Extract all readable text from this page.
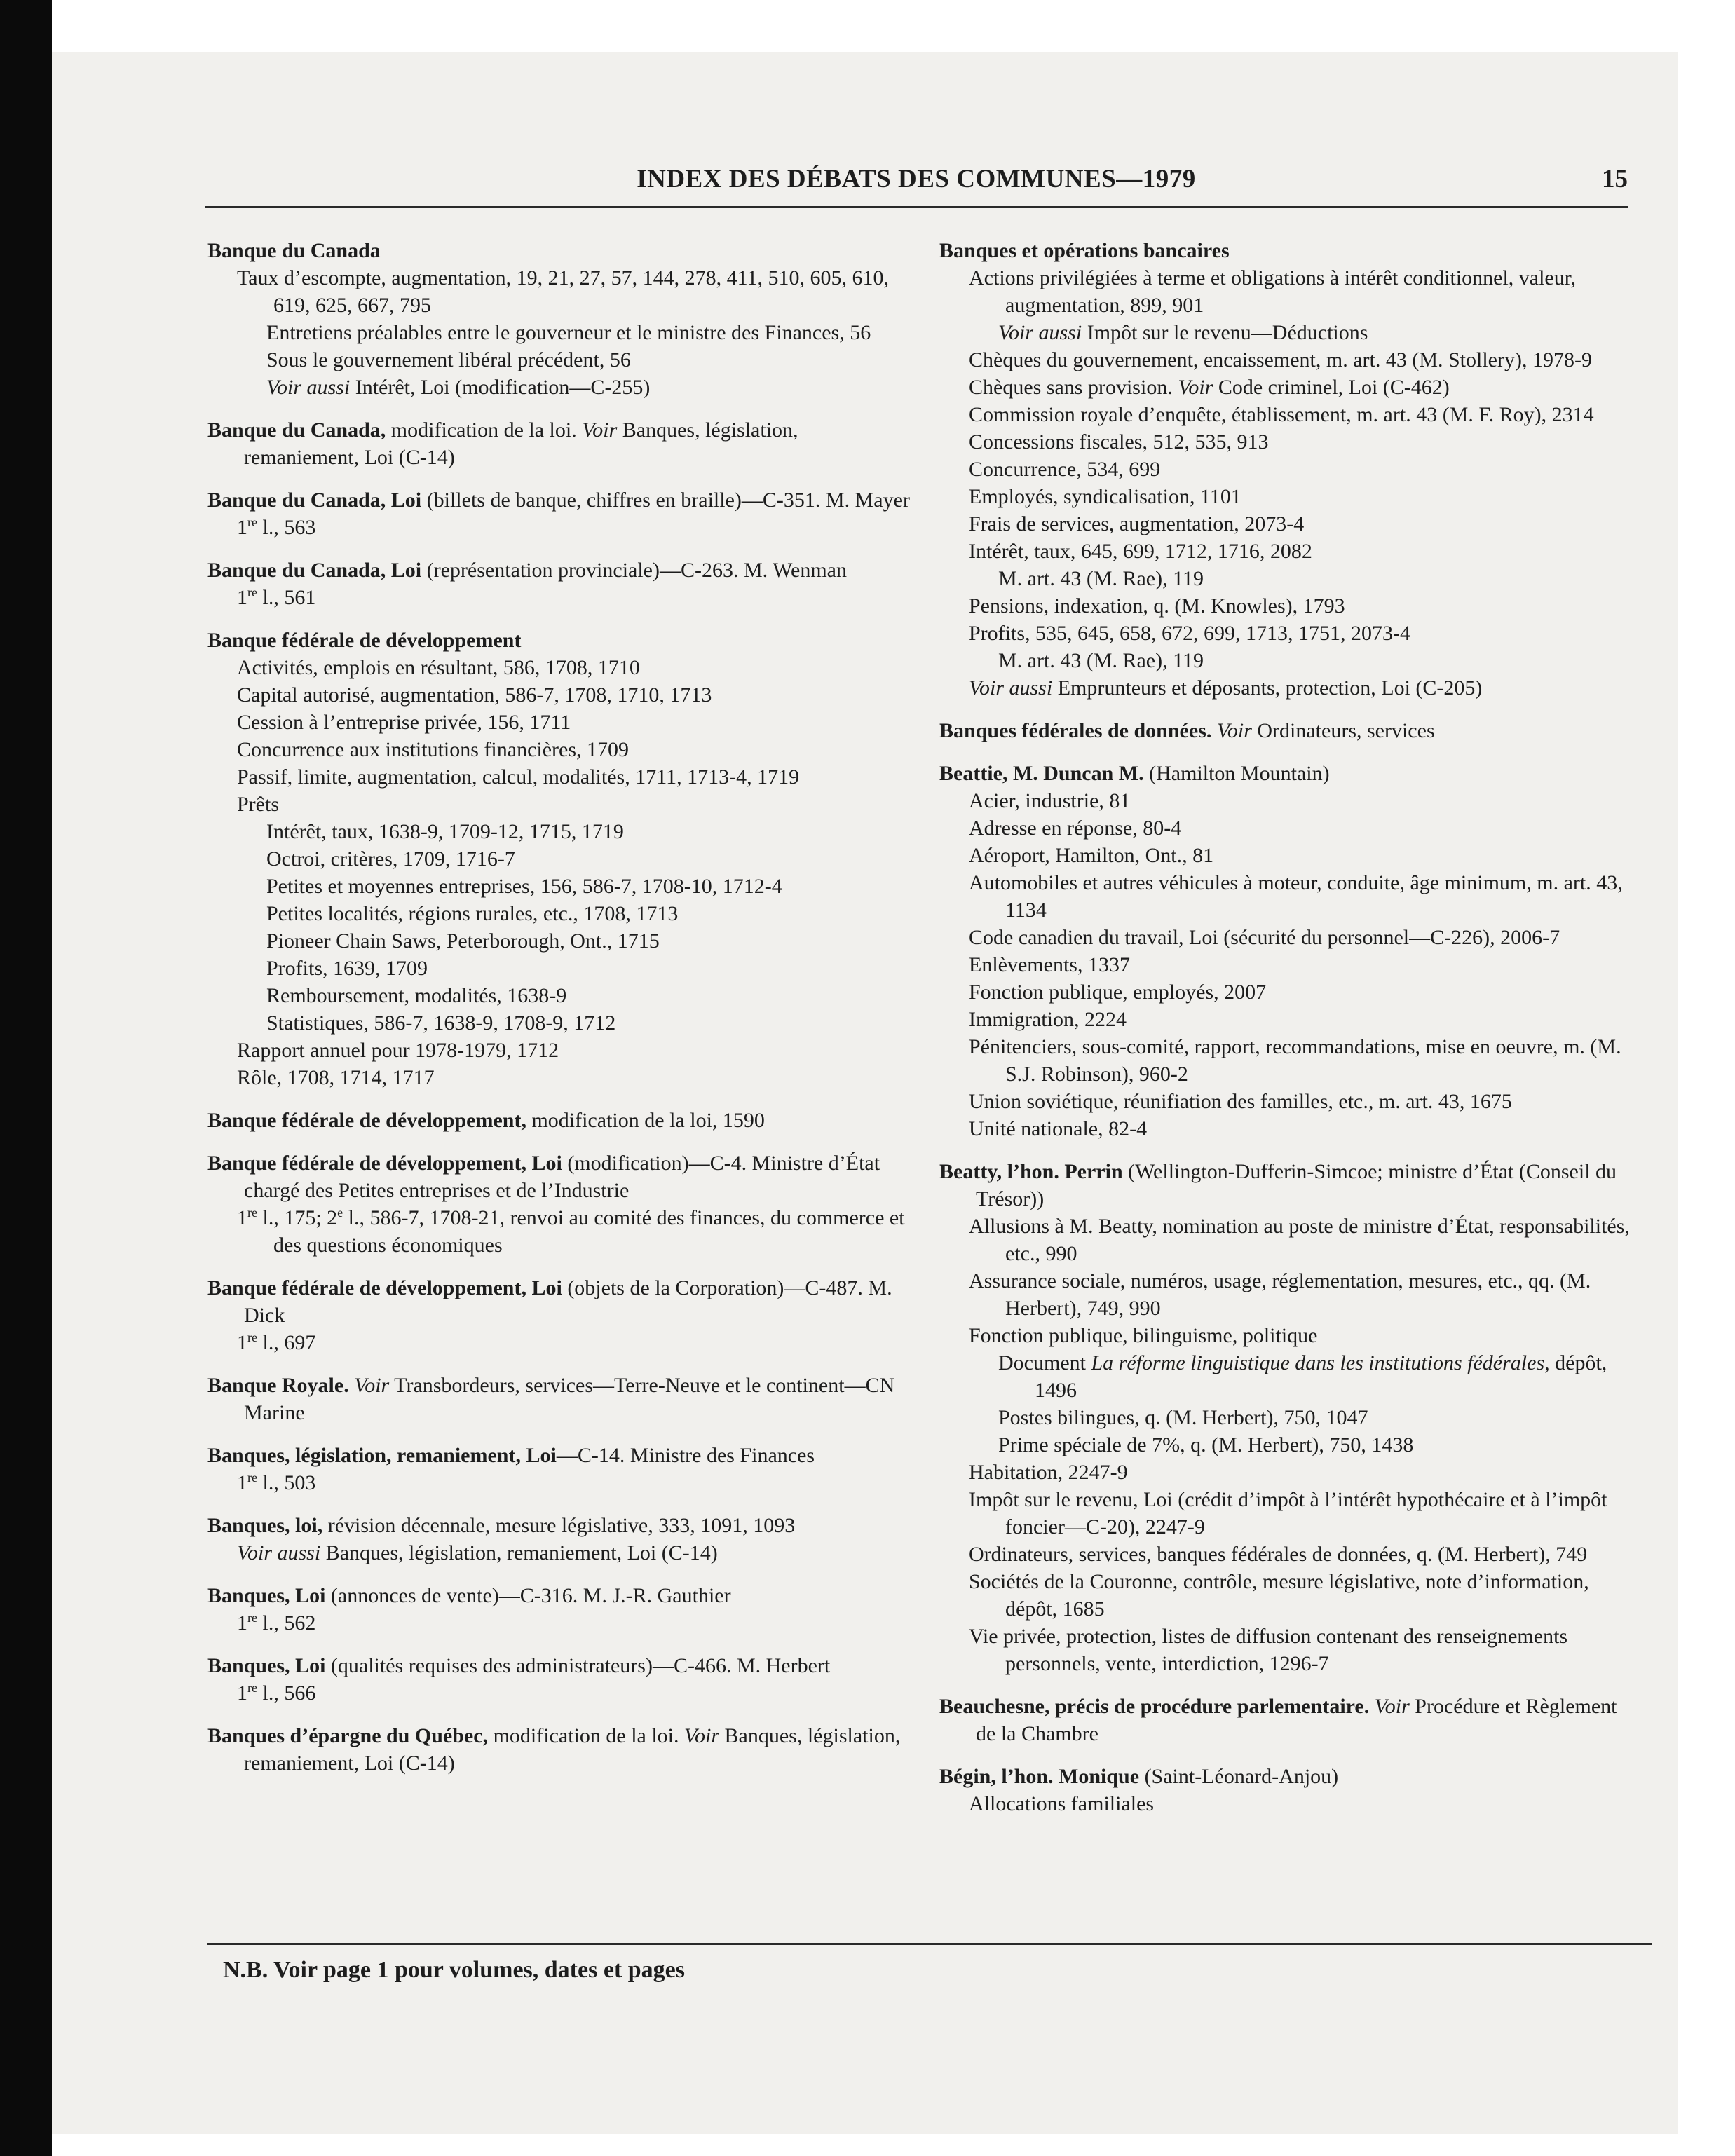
INDEX DES DÉBATS DES COMMUNES—1979	15
Banque du Canada
Taux d’escompte, augmentation, 19, 21, 27, 57, 144, 278, 411, 510, 605, 610, 619, 625, 667, 795
Entretiens préalables entre le gouverneur et le ministre des Finances, 56
Sous le gouvernement libéral précédent, 56
Voir aussi Intérêt, Loi (modification—C-255)
Banque du Canada, modification de la loi. Voir Banques, législation, remaniement, Loi (C-14)
Banque du Canada, Loi (billets de banque, chiffres en braille)—C-351. M. Mayer
1re l., 563
Banque du Canada, Loi (représentation provinciale)—C-263. M. Wenman
1re l., 561
Banque fédérale de développement
Activités, emplois en résultant, 586, 1708, 1710
Capital autorisé, augmentation, 586-7, 1708, 1710, 1713
Cession à l’entreprise privée, 156, 1711
Concurrence aux institutions financières, 1709
Passif, limite, augmentation, calcul, modalités, 1711, 1713-4, 1719
Prêts
Intérêt, taux, 1638-9, 1709-12, 1715, 1719
Octroi, critères, 1709, 1716-7
Petites et moyennes entreprises, 156, 586-7, 1708-10, 1712-4
Petites localités, régions rurales, etc., 1708, 1713
Pioneer Chain Saws, Peterborough, Ont., 1715
Profits, 1639, 1709
Remboursement, modalités, 1638-9
Statistiques, 586-7, 1638-9, 1708-9, 1712
Rapport annuel pour 1978-1979, 1712
Rôle, 1708, 1714, 1717
Banque fédérale de développement, modification de la loi, 1590
Banque fédérale de développement, Loi (modification)—C-4. Ministre d’État chargé des Petites entreprises et de l’Industrie
1re l., 175; 2e l., 586-7, 1708-21, renvoi au comité des finances, du commerce et des questions économiques
Banque fédérale de développement, Loi (objets de la Corporation)—C-487. M. Dick
1re l., 697
Banque Royale. Voir Transbordeurs, services—Terre-Neuve et le continent—CN Marine
Banques, législation, remaniement, Loi—C-14. Ministre des Finances
1re l., 503
Banques, loi, révision décennale, mesure législative, 333, 1091, 1093
Voir aussi Banques, législation, remaniement, Loi (C-14)
Banques, Loi (annonces de vente)—C-316. M. J.-R. Gauthier
1re l., 562
Banques, Loi (qualités requises des administrateurs)—C-466. M. Herbert
1re l., 566
Banques d’épargne du Québec, modification de la loi. Voir Banques, législation, remaniement, Loi (C-14)
Banques et opérations bancaires
Actions privilégiées à terme et obligations à intérêt conditionnel, valeur, augmentation, 899, 901
Voir aussi Impôt sur le revenu—Déductions
Chèques du gouvernement, encaissement, m. art. 43 (M. Stollery), 1978-9
Chèques sans provision. Voir Code criminel, Loi (C-462)
Commission royale d’enquête, établissement, m. art. 43 (M. F. Roy), 2314
Concessions fiscales, 512, 535, 913
Concurrence, 534, 699
Employés, syndicalisation, 1101
Frais de services, augmentation, 2073-4
Intérêt, taux, 645, 699, 1712, 1716, 2082
M. art. 43 (M. Rae), 119
Pensions, indexation, q. (M. Knowles), 1793
Profits, 535, 645, 658, 672, 699, 1713, 1751, 2073-4
M. art. 43 (M. Rae), 119
Voir aussi Emprunteurs et déposants, protection, Loi (C-205)
Banques fédérales de données. Voir Ordinateurs, services
Beattie, M. Duncan M. (Hamilton Mountain)
Acier, industrie, 81
Adresse en réponse, 80-4
Aéroport, Hamilton, Ont., 81
Automobiles et autres véhicules à moteur, conduite, âge minimum, m. art. 43, 1134
Code canadien du travail, Loi (sécurité du personnel—C-226), 2006-7
Enlèvements, 1337
Fonction publique, employés, 2007
Immigration, 2224
Pénitenciers, sous-comité, rapport, recommandations, mise en oeuvre, m. (M. S.J. Robinson), 960-2
Union soviétique, réunifiation des familles, etc., m. art. 43, 1675
Unité nationale, 82-4
Beatty, l’hon. Perrin (Wellington-Dufferin-Simcoe; ministre d’État (Conseil du Trésor))
Allusions à M. Beatty, nomination au poste de ministre d’État, responsabilités, etc., 990
Assurance sociale, numéros, usage, réglementation, mesures, etc., qq. (M. Herbert), 749, 990
Fonction publique, bilinguisme, politique
Document La réforme linguistique dans les institutions fédérales, dépôt, 1496
Postes bilingues, q. (M. Herbert), 750, 1047
Prime spéciale de 7%, q. (M. Herbert), 750, 1438
Habitation, 2247-9
Impôt sur le revenu, Loi (crédit d’impôt à l’intérêt hypothécaire et à l’impôt foncier—C-20), 2247-9
Ordinateurs, services, banques fédérales de données, q. (M. Herbert), 749
Sociétés de la Couronne, contrôle, mesure législative, note d’information, dépôt, 1685
Vie privée, protection, listes de diffusion contenant des renseignements personnels, vente, interdiction, 1296-7
Beauchesne, précis de procédure parlementaire. Voir Procédure et Règlement de la Chambre
Bégin, l’hon. Monique (Saint-Léonard-Anjou)
Allocations familiales
N.B. Voir page 1 pour volumes, dates et pages
